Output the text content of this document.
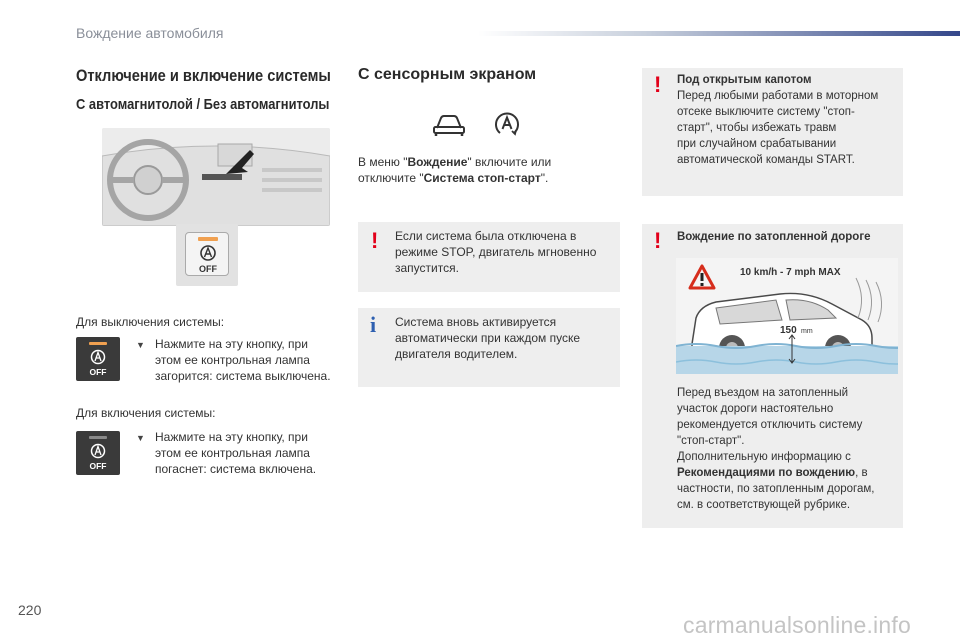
Вождение автомобиля
Отключение и включение системы
С автомагнитолой / Без автомагнитолы
OFF
Для выключения системы:
OFF
▼ Нажмите на эту кнопку, при
этом ее контрольная лампа
загорится: система выключена.
Для включения системы:
OFF
▼ Нажмите на эту кнопку, при
этом ее контрольная лампа
погаснет: система включена.
С сенсорным экраном
В меню "Вождение" включите или
отключите "Система стоп-старт".
! Если система была отключена в
режиме STOP, двигатель мгновенно
запустится.
i Система вновь активируется
автоматически при каждом пуске
двигателя водителем.
! Под открытым капотом
Перед любыми работами в моторном
отсеке выключите систему "стоп-
старт", чтобы избежать травм
при случайном срабатывании
автоматической команды START.
! Вождение по затопленной дороге
10 km/h - 7 mph MAX
150 mm
Перед въездом на затопленный
участок дороги настоятельно
рекомендуется отключить систему
"стоп-старт".
Дополнительную информацию с
Рекомендациями по вождению, в
частности, по затопленным дорогам,
см. в соответствующей рубрике.
220
carmanualsonline.info
